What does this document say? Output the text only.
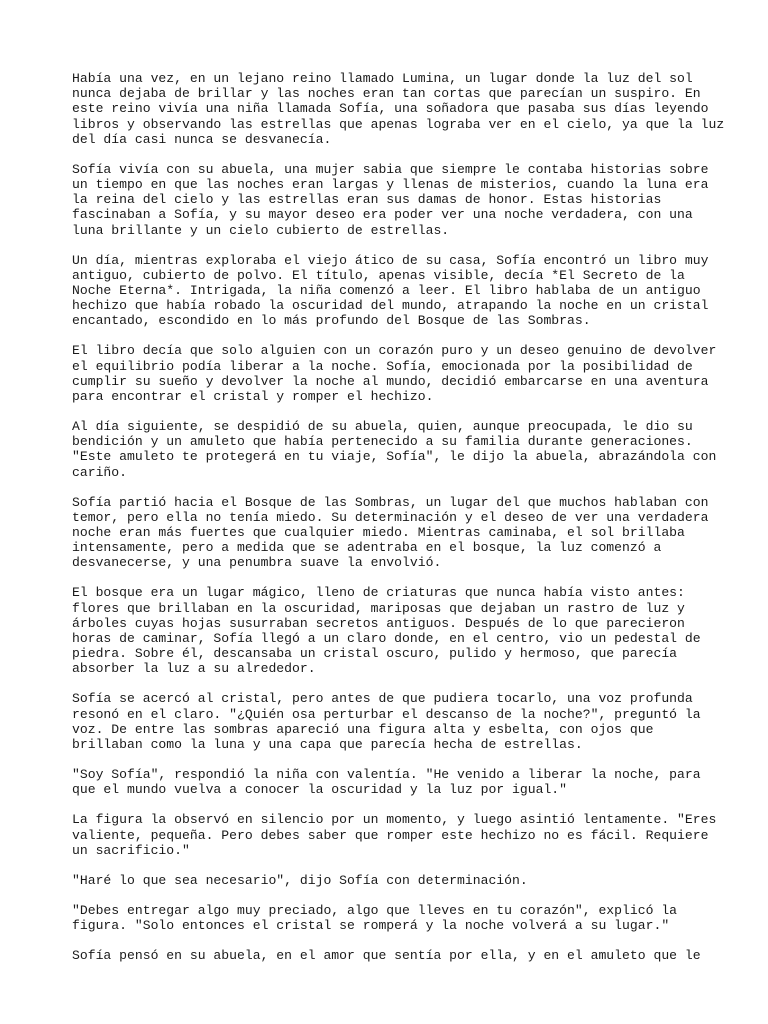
Había una vez, en un lejano reino llamado Lumina, un lugar donde la luz del sol
nunca dejaba de brillar y las noches eran tan cortas que parecían un suspiro. En
este reino vivía una niña llamada Sofía, una soñadora que pasaba sus días leyendo
libros y observando las estrellas que apenas lograba ver en el cielo, ya que la luz
del día casi nunca se desvanecía.

Sofía vivía con su abuela, una mujer sabia que siempre le contaba historias sobre
un tiempo en que las noches eran largas y llenas de misterios, cuando la luna era
la reina del cielo y las estrellas eran sus damas de honor. Estas historias
fascinaban a Sofía, y su mayor deseo era poder ver una noche verdadera, con una
luna brillante y un cielo cubierto de estrellas.

Un día, mientras exploraba el viejo ático de su casa, Sofía encontró un libro muy
antiguo, cubierto de polvo. El título, apenas visible, decía *El Secreto de la
Noche Eterna*. Intrigada, la niña comenzó a leer. El libro hablaba de un antiguo
hechizo que había robado la oscuridad del mundo, atrapando la noche en un cristal
encantado, escondido en lo más profundo del Bosque de las Sombras.

El libro decía que solo alguien con un corazón puro y un deseo genuino de devolver
el equilibrio podía liberar a la noche. Sofía, emocionada por la posibilidad de
cumplir su sueño y devolver la noche al mundo, decidió embarcarse en una aventura
para encontrar el cristal y romper el hechizo.

Al día siguiente, se despidió de su abuela, quien, aunque preocupada, le dio su
bendición y un amuleto que había pertenecido a su familia durante generaciones.
"Este amuleto te protegerá en tu viaje, Sofía", le dijo la abuela, abrazándola con
cariño.

Sofía partió hacia el Bosque de las Sombras, un lugar del que muchos hablaban con
temor, pero ella no tenía miedo. Su determinación y el deseo de ver una verdadera
noche eran más fuertes que cualquier miedo. Mientras caminaba, el sol brillaba
intensamente, pero a medida que se adentraba en el bosque, la luz comenzó a
desvanecerse, y una penumbra suave la envolvió.

El bosque era un lugar mágico, lleno de criaturas que nunca había visto antes:
flores que brillaban en la oscuridad, mariposas que dejaban un rastro de luz y
árboles cuyas hojas susurraban secretos antiguos. Después de lo que parecieron
horas de caminar, Sofía llegó a un claro donde, en el centro, vio un pedestal de
piedra. Sobre él, descansaba un cristal oscuro, pulido y hermoso, que parecía
absorber la luz a su alrededor.

Sofía se acercó al cristal, pero antes de que pudiera tocarlo, una voz profunda
resonó en el claro. "¿Quién osa perturbar el descanso de la noche?", preguntó la
voz. De entre las sombras apareció una figura alta y esbelta, con ojos que
brillaban como la luna y una capa que parecía hecha de estrellas.

"Soy Sofía", respondió la niña con valentía. "He venido a liberar la noche, para
que el mundo vuelva a conocer la oscuridad y la luz por igual."

La figura la observó en silencio por un momento, y luego asintió lentamente. "Eres
valiente, pequeña. Pero debes saber que romper este hechizo no es fácil. Requiere
un sacrificio."

"Haré lo que sea necesario", dijo Sofía con determinación.

"Debes entregar algo muy preciado, algo que lleves en tu corazón", explicó la
figura. "Solo entonces el cristal se romperá y la noche volverá a su lugar."

Sofía pensó en su abuela, en el amor que sentía por ella, y en el amuleto que le
